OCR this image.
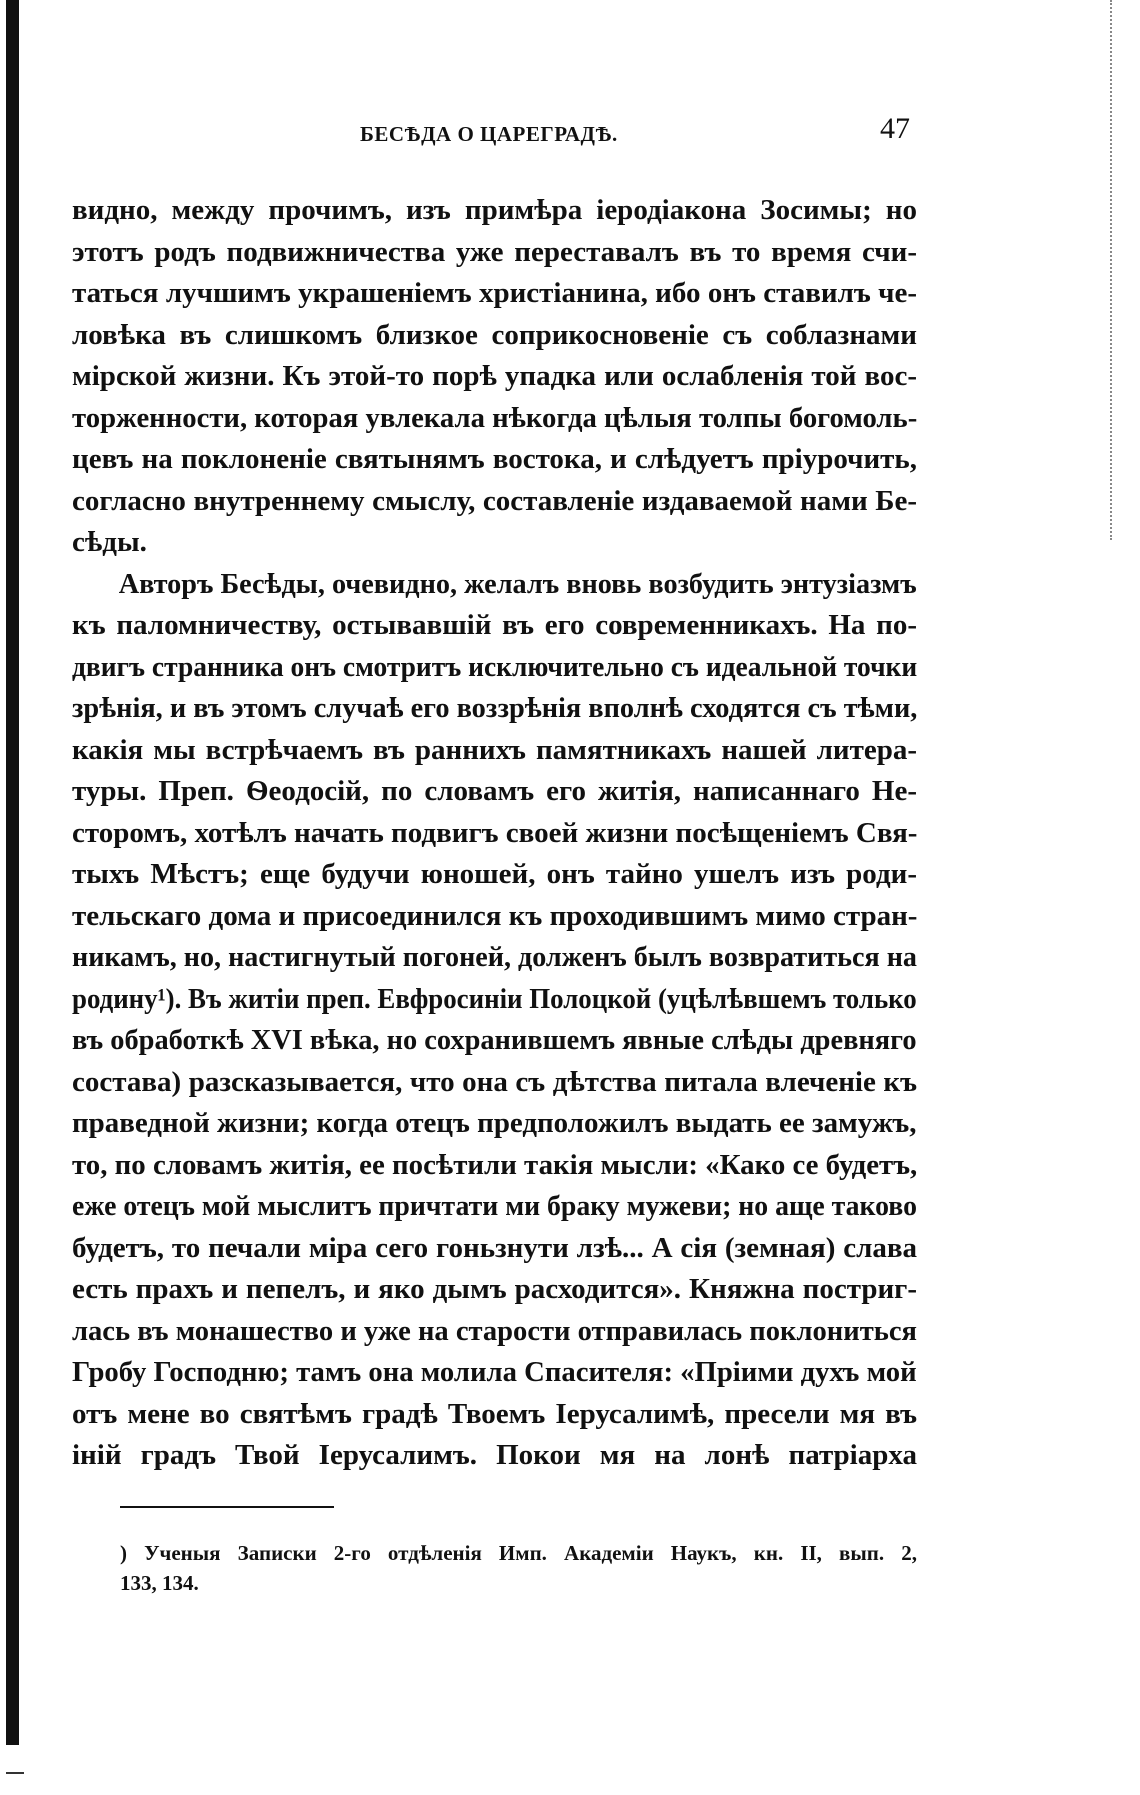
БЕСѢДА О ЦАРЕГРАДѢ.	47
видно, между прочимъ, изъ примѣра іеродіакона Зосимы; но
этотъ родъ подвижничества уже переставалъ въ то время счи-
таться лучшимъ украшеніемъ христіанина, ибо онъ ставилъ че-
ловѣка въ слишкомъ близкое соприкосновеніе съ соблазнами
мірской жизни. Къ этой-то порѣ упадка или ослабленія той вос-
торженности, которая увлекала нѣкогда цѣлыя толпы богомоль-
цевъ на поклоненіе святынямъ востока, и слѣдуетъ пріурочить,
согласно внутреннему смыслу, составленіе издаваемой нами Бе-
сѣды.
Авторъ Бесѣды, очевидно, желалъ вновь возбудить энтузіазмъ
къ паломничеству, остывавшій въ его современникахъ. На по-
двигъ странника онъ смотритъ исключительно съ идеальной точки
зрѣнія, и въ этомъ случаѣ его воззрѣнія вполнѣ сходятся съ тѣми,
какія мы встрѣчаемъ въ раннихъ памятникахъ нашей литера-
туры. Преп. Ѳеодосій, по словамъ его житія, написаннаго Не-
сторомъ, хотѣлъ начать подвигъ своей жизни посѣщеніемъ Свя-
тыхъ Мѣстъ; еще будучи юношей, онъ тайно ушелъ изъ роди-
тельскаго дома и присоединился къ проходившимъ мимо стран-
никамъ, но, настигнутый погоней, долженъ былъ возвратиться на
родину¹). Въ житіи преп. Евфросиніи Полоцкой (уцѣлѣвшемъ только
въ обработкѣ XVI вѣка, но сохранившемъ явные слѣды древняго
состава) разсказывается, что она съ дѣтства питала влеченіе къ
праведной жизни; когда отецъ предположилъ выдать ее замужъ,
то, по словамъ житія, ее посѣтили такія мысли: «Како се будетъ,
еже отецъ мой мыслитъ причтати ми браку мужеви; но аще таково
будетъ, то печали міра сего гоньзнути лзѣ... А сія (земная) слава
есть прахъ и пепелъ, и яко дымъ расходится». Княжна постриг-
лась въ монашество и уже на старости отправилась поклониться
Гробу Господню; тамъ она молила Спасителя: «Пріими духъ мой
отъ мене во святѣмъ градѣ Твоемъ Іерусалимѣ, пресели мя въ
іній градъ Твой Іерусалимъ. Покои мя на лонѣ патріарха
) Ученыя Записки 2-го отдѣленія Имп. Академіи Наукъ, кн. II, вып. 2,
133, 134.
